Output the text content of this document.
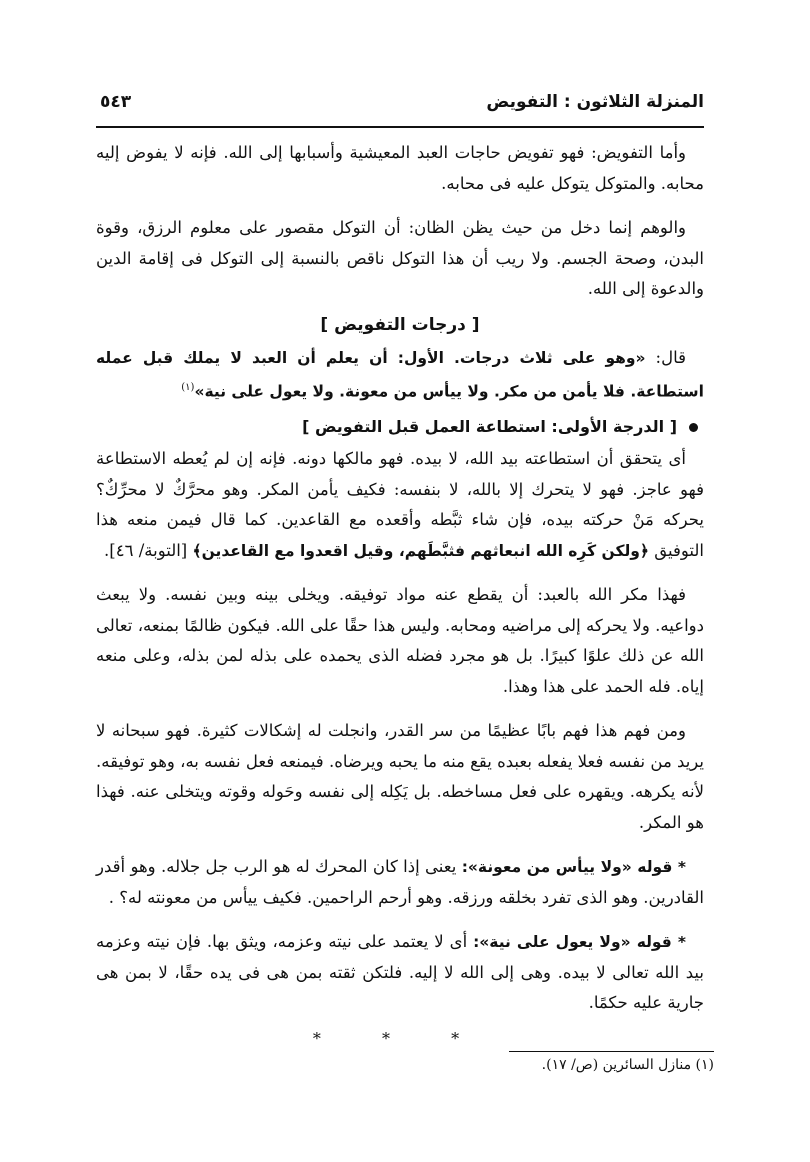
المنزلة الثلاثون : التفويض
٥٤٣

وأما التفويض: فهو تفويض حاجات العبد المعيشية وأسبابها إلى الله. فإنه لا يفوض إليه محابه. والمتوكل يتوكل عليه فى محابه.

والوهم إنما دخل من حيث يظن الظان: أن التوكل مقصور على معلوم الرزق، وقوة البدن، وصحة الجسم. ولا ريب أن هذا التوكل ناقص بالنسبة إلى التوكل فى إقامة الدين والدعوة إلى الله.

[ درجات التفويض ]

قال: «وهو على ثلاث درجات. الأول: أن يعلم أن العبد لا يملك قبل عمله استطاعة. فلا يأمن من مكر. ولا ييأس من معونة. ولا يعول على نية»$^{(١)}$

[ الدرجة الأولى: استطاعة العمل قبل التفويض ]

أى يتحقق أن استطاعته بيد الله، لا بيده. فهو مالكها دونه. فإنه إن لم يُعطه الاستطاعة فهو عاجز. فهو لا يتحرك إلا بالله، لا بنفسه: فكيف يأمن المكر. وهو محرَّكٌ لا محرِّكٌ؟ يحركه مَنْ حركته بيده، فإن شاء ثبَّطه وأقعده مع القاعدين. كما قال فيمن منعه هذا التوفيق ﴿ولكن كَرِه الله انبعاثهم فثبَّطَهم، وقيل اقعدوا مع القاعدين﴾ [التوبة/ ٤٦].

فهذا مكر الله بالعبد: أن يقطع عنه مواد توفيقه. ويخلى بينه وبين نفسه. ولا يبعث دواعيه. ولا يحركه إلى مراضيه ومحابه. وليس هذا حقًا على الله. فيكون ظالمًا بمنعه، تعالى الله عن ذلك علوًا كبيرًا. بل هو مجرد فضله الذى يحمده على بذله لمن بذله، وعلى منعه إياه. فله الحمد على هذا وهذا.

ومن فهم هذا فهم بابًا عظيمًا من سر القدر، وانجلت له إشكالات كثيرة. فهو سبحانه لا يريد من نفسه فعلا يفعله بعبده يقع منه ما يحبه ويرضاه. فيمنعه فعل نفسه به، وهو توفيقه. لأنه يكرهه. ويقهره على فعل مساخطه. بل يَكِله إلى نفسه وحَوله وقوته ويتخلى عنه. فهذا هو المكر.

* قوله «ولا ييأس من معونة»: يعنى إذا كان المحرك له هو الرب جل جلاله. وهو أقدر القادرين. وهو الذى تفرد بخلقه ورزقه. وهو أرحم الراحمين. فكيف ييأس من معونته له؟ .

* قوله «ولا يعول على نية»: أى لا يعتمد على نيته وعزمه، ويثق بها. فإن نيته وعزمه بيد الله تعالى لا بيده. وهى إلى الله لا إليه. فلتكن ثقته بمن هى فى يده حقًا، لا بمن هى جارية عليه حكمًا.

* * *
(١) منازل السائرين (ص/ ١٧).
